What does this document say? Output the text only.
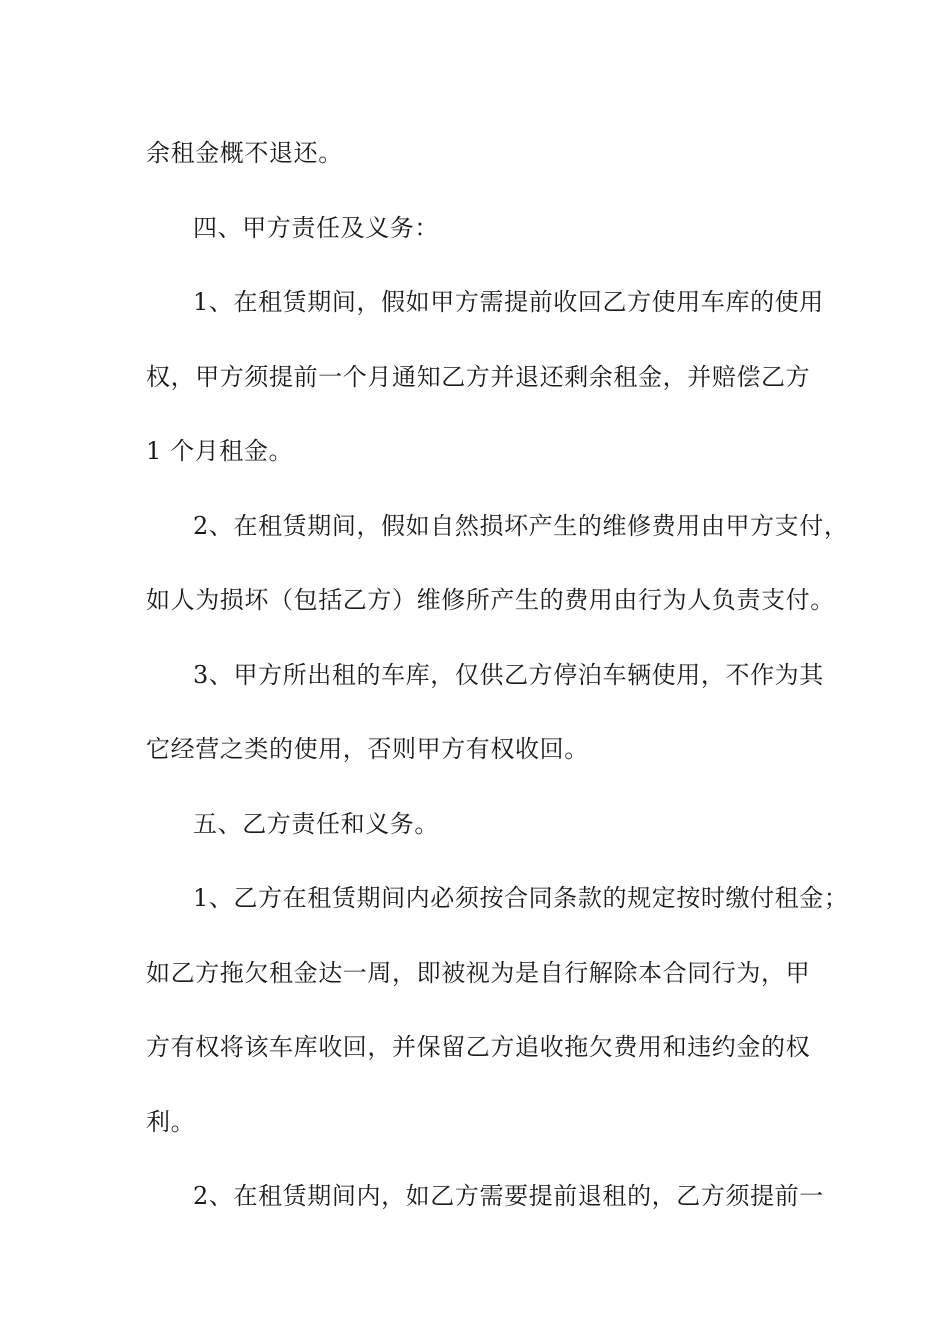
余租金概不退还。
四、甲方责任及义务：
1、在租赁期间，假如甲方需提前收回乙方使用车库的使用
权，甲方须提前一个月通知乙方并退还剩余租金，并赔偿乙方
1 个月租金。
2、在租赁期间，假如自然损坏产生的维修费用由甲方支付，
如人为损坏（包括乙方）维修所产生的费用由行为人负责支付。
3、甲方所出租的车库，仅供乙方停泊车辆使用，不作为其
它经营之类的使用，否则甲方有权收回。
五、乙方责任和义务。
1、乙方在租赁期间内必须按合同条款的规定按时缴付租金；
如乙方拖欠租金达一周，即被视为是自行解除本合同行为，甲
方有权将该车库收回，并保留乙方追收拖欠费用和违约金的权
利。
2、在租赁期间内，如乙方需要提前退租的，乙方须提前一
